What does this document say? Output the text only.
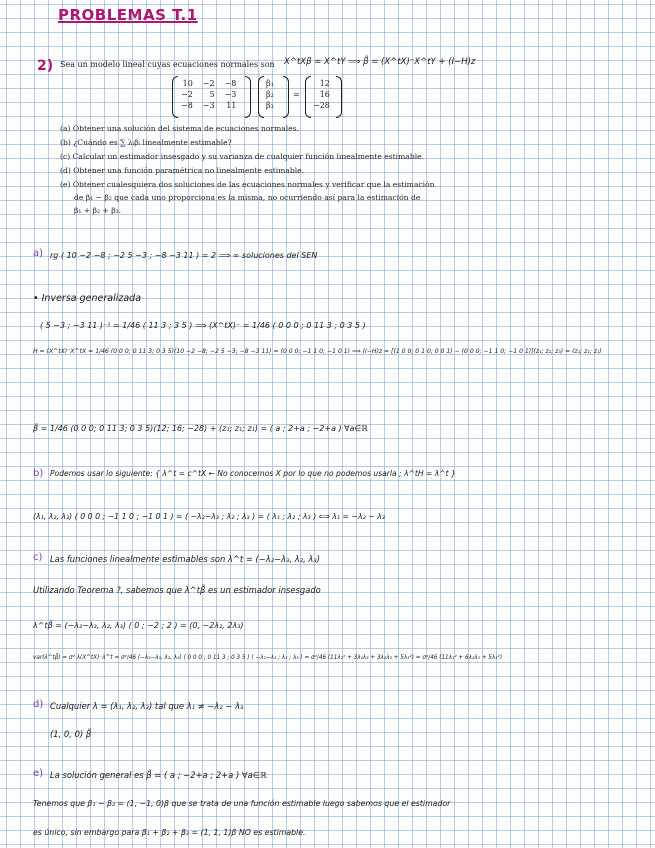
PROBLEMAS T.1
2) Sea un modelo lineal cuyas ecuaciones normales son X^tXβ = X^tY ⟹ β̃ = (X^tX)⁻X^tY + (I−H)z
10	−2	−8
−2	5	−3
−8	−3	11
β₁
β₂
β₃
=
12
16
−28
(a) Obtener una solución del sistema de ecuaciones normales.
(b) ¿Cuándo es ∑ λᵢβᵢ linealmente estimable?
(c) Calcular un estimador insesgado y su varianza de cualquier función linealmente estimable.
(d) Obtener una función paramétrica no linealmente estimable.
(e) Obtener cualesquiera dos soluciones de las ecuaciones normales y verificar que la estimación
de β₁ − β₂ que cada uno proporciona es la misma, no ocurriendo así para la estimación de
β₁ + β₂ + β₃.
a) rg ( 10 −2 −8 ; −2 5 −3 ; −8 −3 11 ) = 2 ⟹ ∞ soluciones del SEN
• Inversa generalizada
( 5 −3 ; −3 11 )⁻¹ = 1/46 ( 11 3 ; 3 5 ) ⟹ (X^tX)⁻ = 1/46 ( 0 0 0 ; 0 11 3 ; 0 3 5 )
H = (X^tX)⁻X^tX = 1/46 (0 0 0; 0 11 3; 0 3 5)(10 −2 −8; −2 5 −3; −8 −3 11) = (0 0 0; −1 1 0; −1 0 1) ⟹ (I−H)z = [(1 0 0; 0 1 0; 0 0 1) − (0 0 0; −1 1 0; −1 0 1)](z₁; z₂; z₃) = (z₁; z₁; z₁)
β̃ = 1/46 (0 0 0; 0 11 3; 0 3 5)(12; 16; −28) + (z₁; z₁; z₁) = ( a ; 2+a ; −2+a ) ∀a∈ℝ
b) Podemos usar lo siguiente: { λ^t = c^tX ← No conocemos X por lo que no podemos usarla ; λ^tH = λ^t }
(λ₁, λ₂, λ₃) ( 0 0 0 ; −1 1 0 ; −1 0 1 ) = ( −λ₂−λ₃ ; λ₂ ; λ₃ ) = ( λ₁ ; λ₂ ; λ₃ ) ⟺ λ₁ = −λ₂ − λ₃
c) Las funciones linealmente estimables son λ^t = (−λ₂−λ₃, λ₂, λ₃)
Utilizando Teorema ?, sabemos que λ^tβ̃ es un estimador insesgado
λ^tβ̃ = (−λ₂−λ₃, λ₂, λ₃) ( 0 ; −2 ; 2 ) = (0, −2λ₂, 2λ₃)
var(λ^tβ̃) = σ² λ(X^tX)⁻λ^t = σ²/46 (−λ₂−λ₃, λ₂, λ₃) ( 0 0 0 ; 0 11 3 ; 0 3 5 ) ( −λ₂−λ₃ ; λ₂ ; λ₃ ) = σ²/46 (11λ₂² + 3λ₂λ₃ + 3λ₂λ₃ + 5λ₃²) = σ²/46 (11λ₂² + 6λ₂λ₃ + 5λ₃²)
d) Cualquier λ = (λ₁, λ₂, λ₃) tal que λ₁ ≠ −λ₂ − λ₃
(1, 0, 0) β̃
e) La solución general es β̃ = ( a ; −2+a ; 2+a ) ∀a∈ℝ
Tenemos que β₁ − β₂ = (1, −1, 0)β que se trata de una función estimable luego sabemos que el estimador
es único, sin embargo para β₁ + β₂ + β₃ = (1, 1, 1)β NO es estimable.
